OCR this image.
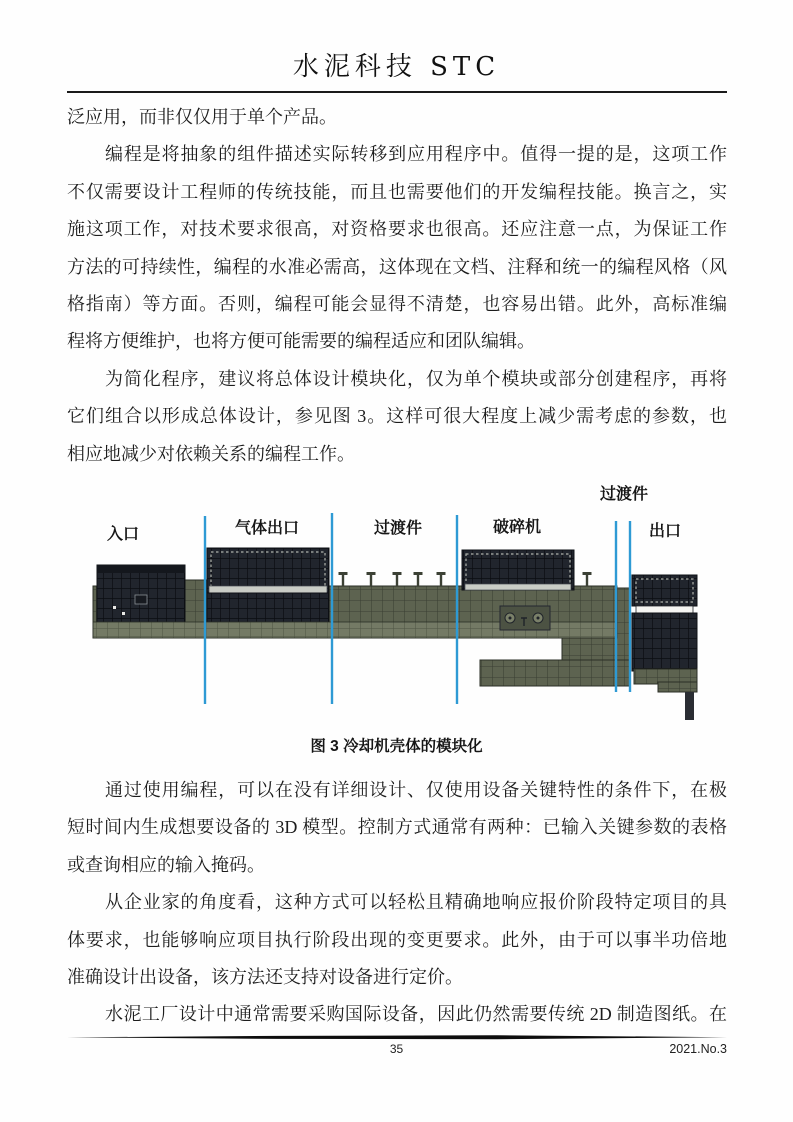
水泥科技 STC
泛应用，而非仅仅用于单个产品。
编程是将抽象的组件描述实际转移到应用程序中。值得一提的是，这项工作
不仅需要设计工程师的传统技能，而且也需要他们的开发编程技能。换言之，实
施这项工作，对技术要求很高，对资格要求也很高。还应注意一点，为保证工作
方法的可持续性，编程的水准必需高，这体现在文档、注释和统一的编程风格（风
格指南）等方面。否则，编程可能会显得不清楚，也容易出错。此外，高标准编
程将方便维护，也将方便可能需要的编程适应和团队编辑。
为简化程序，建议将总体设计模块化，仅为单个模块或部分创建程序，再将
它们组合以形成总体设计，参见图 3。这样可很大程度上减少需考虑的参数，也
相应地减少对依赖关系的编程工作。
入口	气体出口	过渡件	破碎机
过渡件
出口
图 3 冷却机壳体的模块化
通过使用编程，可以在没有详细设计、仅使用设备关键特性的条件下，在极
短时间内生成想要设备的 3D 模型。控制方式通常有两种：已输入关键参数的表格
或查询相应的输入掩码。
从企业家的角度看，这种方式可以轻松且精确地响应报价阶段特定项目的具
体要求，也能够响应项目执行阶段出现的变更要求。此外，由于可以事半功倍地
准确设计出设备，该方法还支持对设备进行定价。
水泥工厂设计中通常需要采购国际设备，因此仍然需要传统 2D 制造图纸。在
35	2021.No.3
